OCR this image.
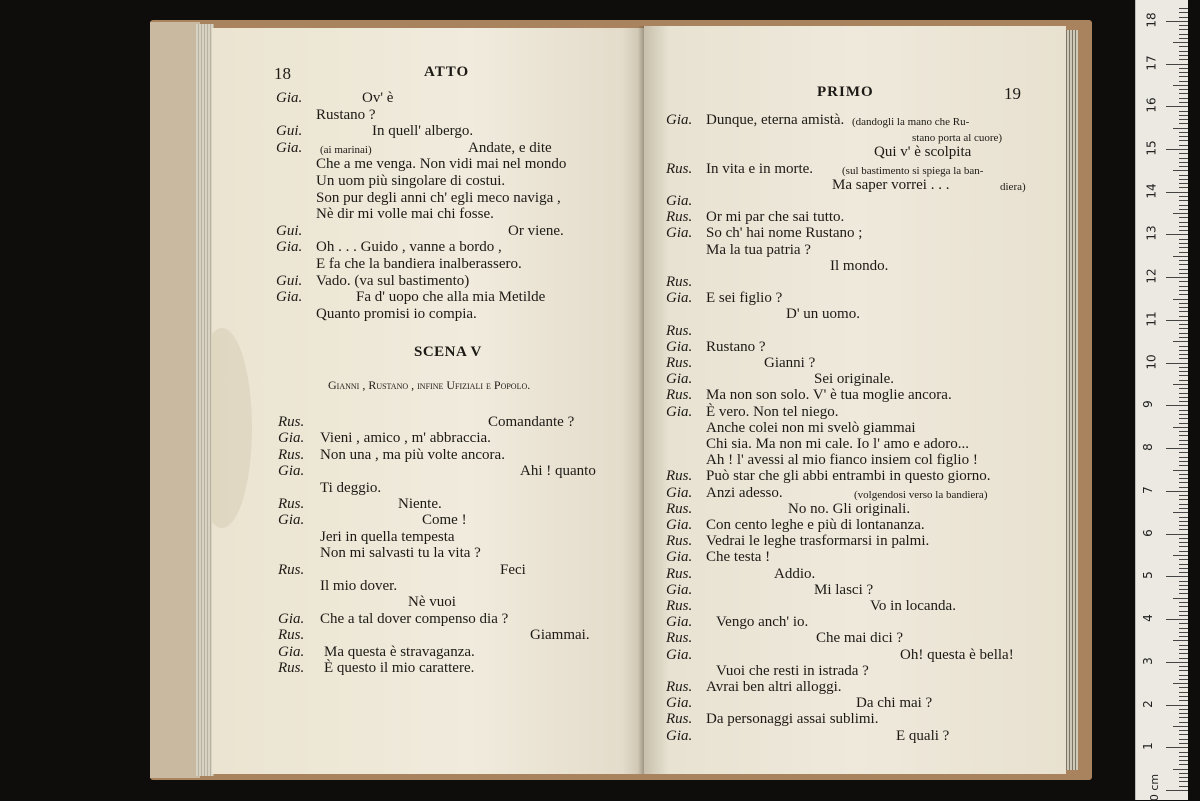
18	ATTO
Gia.	Ov' è
Rustano ?
Gui.	In quell' albergo.
Gia. (ai marinai)	Andate, e dite
Che a me venga. Non vidi mai nel mondo
Un uom più singolare di costui.
Son pur degli anni ch' egli meco naviga ,
Nè dir mi volle mai chi fosse.
Gui.	Or viene.
Gia. Oh . . . Guido , vanne a bordo ,
E fa che la bandiera inalberassero.
Gui. Vado. (va sul bastimento)
Gia.	Fa d' uopo che alla mia Metilde
Quanto promisi io compia.
SCENA V
Gianni , Rustano , infine Ufiziali e Popolo.
Rus.	Comandante ?
Gia. Vieni , amico , m' abbraccia.
Rus. Non una , ma più volte ancora.
Gia.	Ahi ! quanto
Ti deggio.
Rus.	Niente.
Gia.	Come !
Jeri in quella tempesta
Non mi salvasti tu la vita ?
Rus.	Feci
Il mio dover.
Nè vuoi
Gia. Che a tal dover compenso dia ?
Rus.	Giammai.
Gia. Ma questa è stravaganza.
Rus. È questo il mio carattere.
PRIMO	19
Gia. Dunque, eterna amistà. (dandogli la mano che Ru-
stano porta al cuore)
Qui v' è scolpita
Rus. In vita e in morte.	(sul bastimento si spiega la ban-
Ma saper vorrei . . .	diera)
Gia.
Rus. Or mi par che sai tutto.
Gia. So ch' hai nome Rustano ;
Ma la tua patria ?
Il mondo.
Rus.
Gia. E sei figlio ?
D' un uomo.
Rus.
Gia. Rustano ?
Rus.	Gianni ?
Gia.	Sei originale.
Rus. Ma non son solo. V' è tua moglie ancora.
Gia. È vero. Non tel niego.
Anche colei non mi svelò giammai
Chi sia. Ma non mi cale. Io l' amo e adoro...
Ah ! l' avessi al mio fianco insiem col figlio !
Rus. Può star che gli abbi entrambi in questo giorno.
Gia. Anzi adesso.	(volgendosi verso la bandiera)
Rus.	No no. Gli originali.
Gia. Con cento leghe e più di lontananza.
Rus. Vedrai le leghe trasformarsi in palmi.
Gia. Che testa !
Rus.	Addio.
Gia.	Mi lasci ?
Rus.	Vo in locanda.
Gia. Vengo anch' io.
Rus.	Che mai dici ?
Gia.	Oh! questa è bella!
Vuoi che resti in istrada ?
Rus. Avrai ben altri alloggi.
Gia.	Da chi mai ?
Rus. Da personaggi assai sublimi.
Gia.	E quali ?
18
17
16
15
14
13
12
11
10
9
8
7
6
5
4
3
2
1
0 cm
